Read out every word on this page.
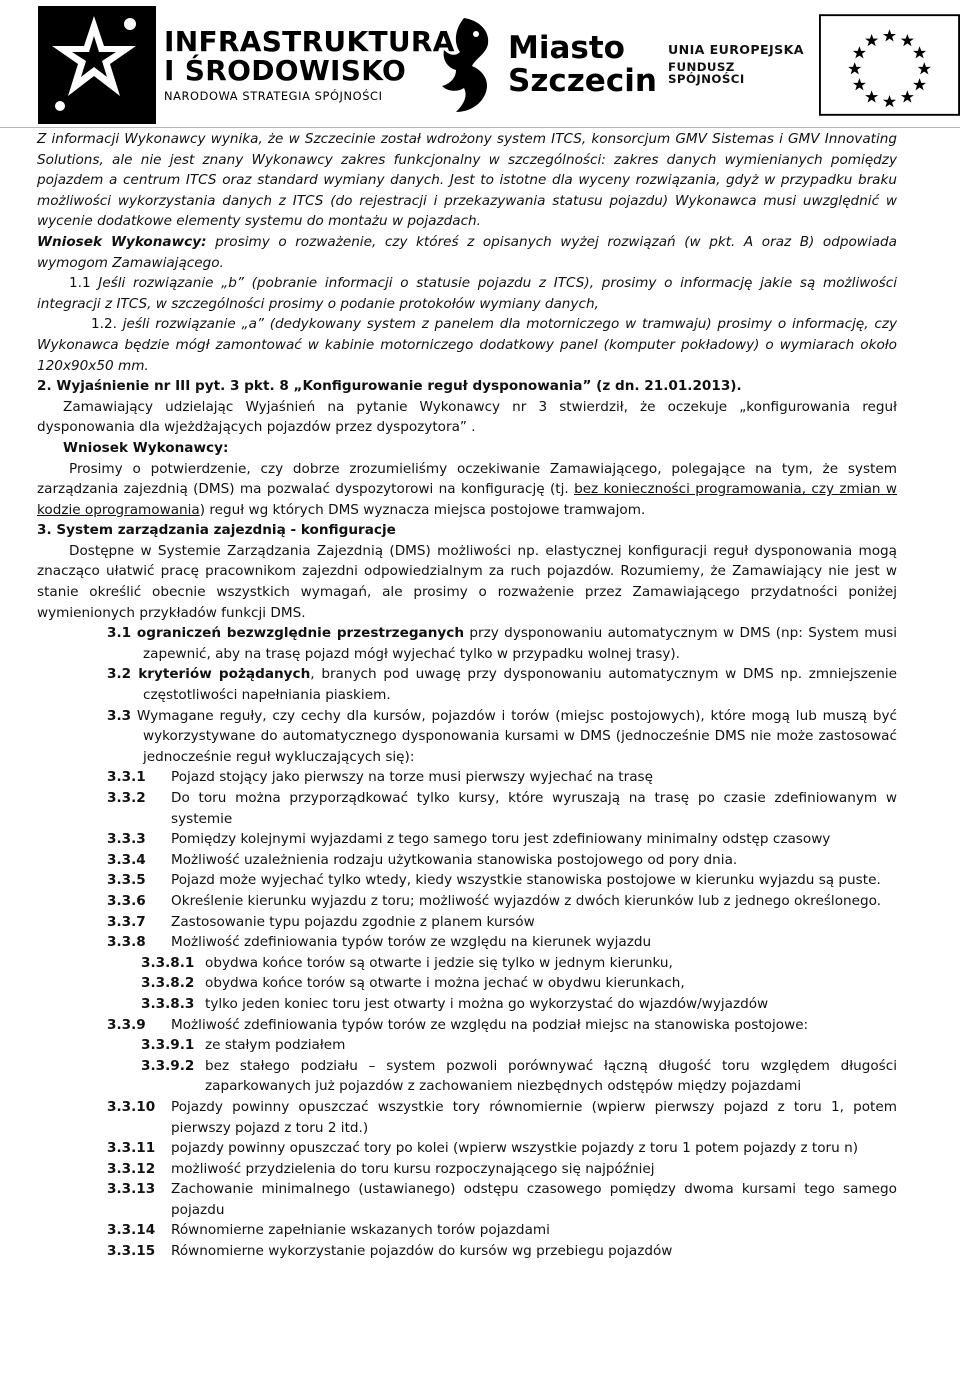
INFRASTRUKTURA
I ŚRODOWISKO
NARODOWA STRATEGIA SPÓJNOŚCI
Miasto
Szczecin
UNIA EUROPEJSKA
FUNDUSZ SPÓJNOŚCI

Z informacji Wykonawcy wynika, że w Szczecinie został wdrożony system ITCS, konsorcjum GMV Sistemas i GMV Innovating Solutions, ale nie jest znany Wykonawcy zakres funkcjonalny w szczególności: zakres danych wymienianych pomiędzy pojazdem a centrum ITCS oraz standard wymiany danych. Jest to istotne dla wyceny rozwiązania, gdyż w przypadku braku możliwości wykorzystania danych z ITCS (do rejestracji i przekazywania statusu pojazdu) Wykonawca musi uwzględnić w wycenie dodatkowe elementy systemu do montażu w pojazdach.

Wniosek Wykonawcy: prosimy o rozważenie, czy któreś z opisanych wyżej rozwiązań (w pkt. A oraz B) odpowiada wymogom Zamawiającego.

1.1 Jeśli rozwiązanie „b” (pobranie informacji o statusie pojazdu z ITCS), prosimy o informację jakie są możliwości integracji z ITCS, w szczególności prosimy o podanie protokołów wymiany danych,

1.2. jeśli rozwiązanie „a” (dedykowany system z panelem dla motorniczego w tramwaju) prosimy o informację, czy Wykonawca będzie mógł zamontować w kabinie motorniczego dodatkowy panel (komputer pokładowy) o wymiarach około 120x90x50 mm.

2. Wyjaśnienie nr III pyt. 3 pkt. 8 „Konfigurowanie reguł dysponowania” (z dn. 21.01.2013).

Zamawiający udzielając Wyjaśnień na pytanie Wykonawcy nr 3 stwierdził, że oczekuje „konfigurowania reguł dysponowania dla wjeżdżających pojazdów przez dyspozytora” .

Wniosek Wykonawcy:

Prosimy o potwierdzenie, czy dobrze zrozumieliśmy oczekiwanie Zamawiającego, polegające na tym, że system zarządzania zajezdnią (DMS) ma pozwalać dyspozytorowi na konfigurację (tj. bez konieczności programowania, czy zmian w kodzie oprogramowania) reguł wg których DMS wyznacza miejsca postojowe tramwajom.

3. System zarządzania zajezdnią - konfiguracje

Dostępne w Systemie Zarządzania Zajezdnią (DMS) możliwości np. elastycznej konfiguracji reguł dysponowania mogą znacząco ułatwić pracę pracownikom zajezdni odpowiedzialnym za ruch pojazdów. Rozumiemy, że Zamawiający nie jest w stanie określić obecnie wszystkich wymagań, ale prosimy o rozważenie przez Zamawiającego przydatności poniżej wymienionych przykładów funkcji DMS.

3.1 ograniczeń bezwzględnie przestrzeganych przy dysponowaniu automatycznym w DMS (np: System musi zapewnić, aby na trasę pojazd mógł wyjechać tylko w przypadku wolnej trasy).

3.2 kryteriów pożądanych, branych pod uwagę przy dysponowaniu automatycznym w DMS np. zmniejszenie częstotliwości napełniania piaskiem.

3.3 Wymagane reguły, czy cechy dla kursów, pojazdów i torów (miejsc postojowych), które mogą lub muszą być wykorzystywane do automatycznego dysponowania kursami w DMS (jednocześnie DMS nie może zastosować jednocześnie reguł wykluczających się):

3.3.1	Pojazd stojący jako pierwszy na torze musi pierwszy wyjechać na trasę
3.3.2	Do toru można przyporządkować tylko kursy, które wyruszają na trasę po czasie zdefiniowanym w systemie
3.3.3	Pomiędzy kolejnymi wyjazdami z tego samego toru jest zdefiniowany minimalny odstęp czasowy
3.3.4	Możliwość uzależnienia rodzaju użytkowania stanowiska postojowego od pory dnia.
3.3.5	Pojazd może wyjechać tylko wtedy, kiedy wszystkie stanowiska postojowe w kierunku wyjazdu są puste.
3.3.6	Określenie kierunku wyjazdu z toru; możliwość wyjazdów z dwóch kierunków lub z jednego określonego.
3.3.7	Zastosowanie typu pojazdu zgodnie z planem kursów
3.3.8	Możliwość zdefiniowania typów torów ze względu na kierunek wyjazdu
3.3.8.1 obydwa końce torów są otwarte i jedzie się tylko w jednym kierunku,
3.3.8.2 obydwa końce torów są otwarte i można jechać w obydwu kierunkach,
3.3.8.3 tylko jeden koniec toru jest otwarty i można go wykorzystać do wjazdów/wyjazdów
3.3.9	Możliwość zdefiniowania typów torów ze względu na podział miejsc na stanowiska postojowe:
3.3.9.1 ze stałym podziałem
3.3.9.2 bez stałego podziału – system pozwoli porównywać łączną długość toru względem długości zaparkowanych już pojazdów z zachowaniem niezbędnych odstępów między pojazdami
3.3.10	Pojazdy powinny opuszczać wszystkie tory równomiernie (wpierw pierwszy pojazd z toru 1, potem pierwszy pojazd z toru 2 itd.)
3.3.11	pojazdy powinny opuszczać tory po kolei (wpierw wszystkie pojazdy z toru 1 potem pojazdy z toru n)
3.3.12	możliwość przydzielenia do toru kursu rozpoczynającego się najpóźniej
3.3.13	Zachowanie minimalnego (ustawianego) odstępu czasowego pomiędzy dwoma kursami tego samego pojazdu
3.3.14	Równomierne zapełnianie wskazanych torów pojazdami
3.3.15	Równomierne wykorzystanie pojazdów do kursów wg przebiegu pojazdów
